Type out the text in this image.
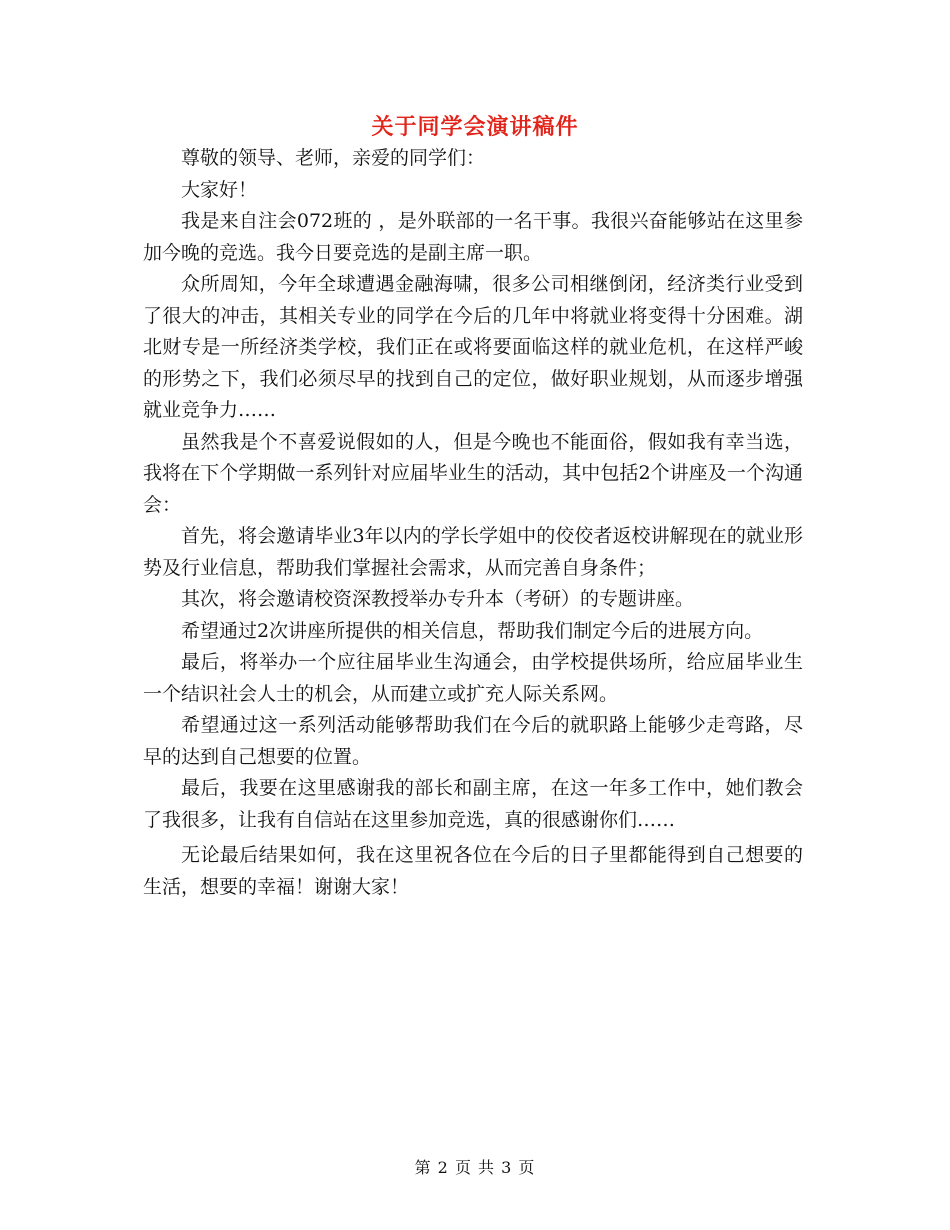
关于同学会演讲稿件

尊敬的领导、老师，亲爱的同学们：

大家好！

我是来自注会072班的 ，是外联部的一名干事。我很兴奋能够站在这里参加今晚的竞选。我今日要竞选的是副主席一职。

众所周知，今年全球遭遇金融海啸，很多公司相继倒闭，经济类行业受到了很大的冲击，其相关专业的同学在今后的几年中将就业将变得十分困难。湖北财专是一所经济类学校，我们正在或将要面临这样的就业危机，在这样严峻的形势之下，我们必须尽早的找到自己的定位，做好职业规划，从而逐步增强就业竞争力……

虽然我是个不喜爱说假如的人，但是今晚也不能面俗，假如我有幸当选，我将在下个学期做一系列针对应届毕业生的活动，其中包括2个讲座及一个沟通会：

首先，将会邀请毕业3年以内的学长学姐中的佼佼者返校讲解现在的就业形势及行业信息，帮助我们掌握社会需求，从而完善自身条件；

其次，将会邀请校资深教授举办专升本（考研）的专题讲座。

希望通过2次讲座所提供的相关信息，帮助我们制定今后的进展方向。

最后，将举办一个应往届毕业生沟通会，由学校提供场所，给应届毕业生一个结识社会人士的机会，从而建立或扩充人际关系网。

希望通过这一系列活动能够帮助我们在今后的就职路上能够少走弯路，尽早的达到自己想要的位置。

最后，我要在这里感谢我的部长和副主席，在这一年多工作中，她们教会了我很多，让我有自信站在这里参加竞选，真的很感谢你们……

无论最后结果如何，我在这里祝各位在今后的日子里都能得到自己想要的生活，想要的幸福！谢谢大家！

第 2 页 共 3 页
